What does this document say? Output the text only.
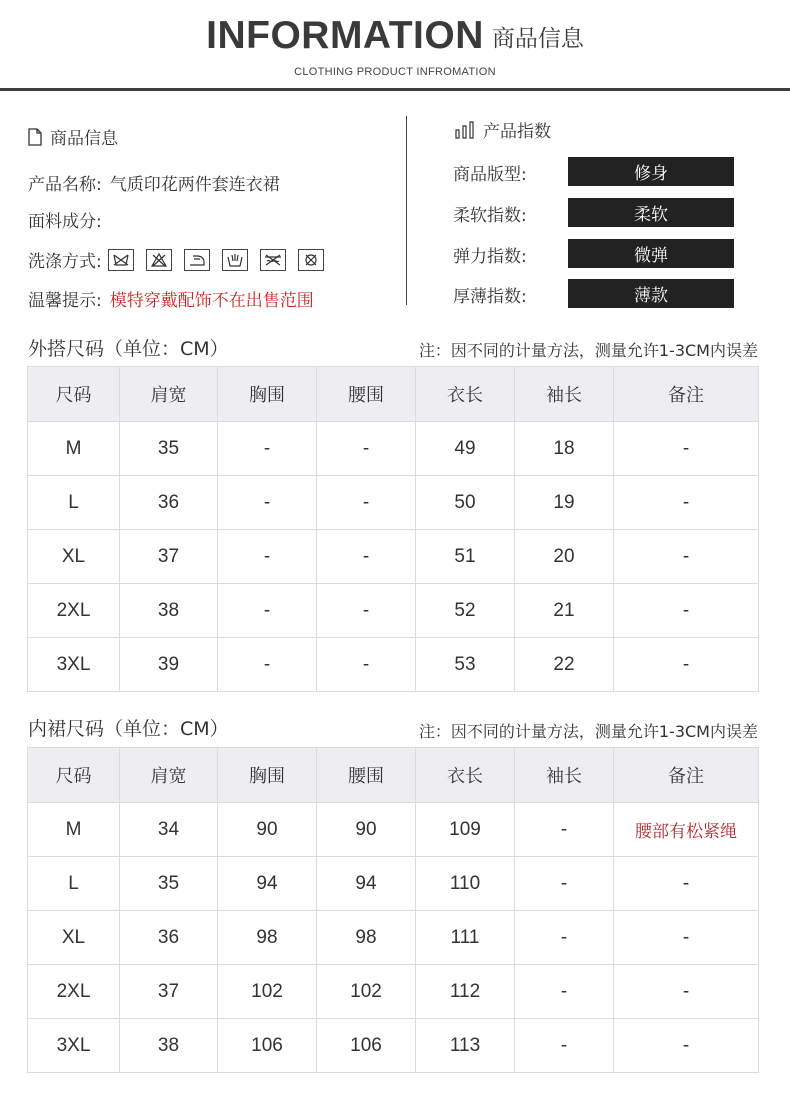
INFORMATION 商品信息
CLOTHING PRODUCT INFROMATION
商品信息
产品名称: 气质印花两件套连衣裙
面料成分:
洗涤方式:
温馨提示: 模特穿戴配饰不在出售范围
产品指数
商品版型:	修身
柔软指数:	柔软
弹力指数:	微弹
厚薄指数:	薄款
外搭尺码（单位：CM）	注：因不同的计量方法，测量允许1-3CM内误差
尺码	肩宽	胸围	腰围	衣长	袖长	备注
M	35	-	-	49	18	-
L	36	-	-	50	19	-
XL	37	-	-	51	20	-
2XL	38	-	-	52	21	-
3XL	39	-	-	53	22	-
内裙尺码（单位：CM）	注：因不同的计量方法，测量允许1-3CM内误差
尺码	肩宽	胸围	腰围	衣长	袖长	备注
M	34	90	90	109	-	腰部有松紧绳
L	35	94	94	110	-	-
XL	36	98	98	111	-	-
2XL	37	102	102	112	-	-
3XL	38	106	106	113	-	-
